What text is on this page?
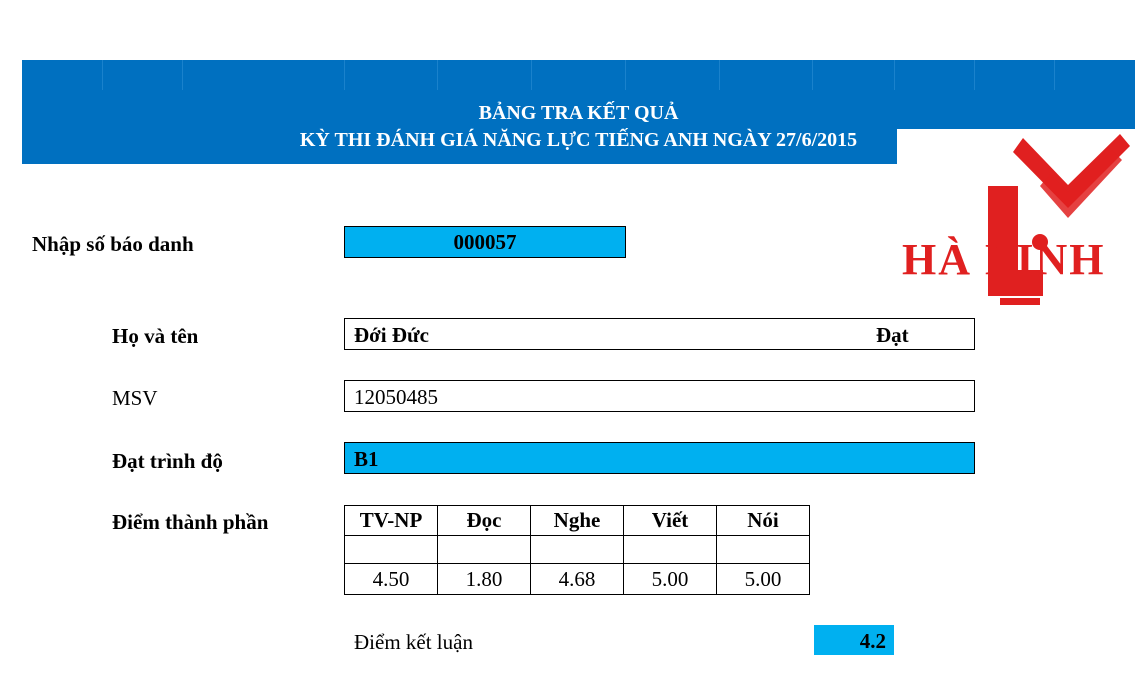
BẢNG TRA KẾT QUẢ
KỲ THI ĐÁNH GIÁ NĂNG LỰC TIẾNG ANH NGÀY 27/6/2015
HÀ LINH
Nhập số báo danh	000057
Họ và tên	Đới Đức	Đạt
MSV	12050485
Đạt trình độ	B1
Điểm thành phần	TV-NP	Đọc	Nghe	Viết	Nói

4.50	1.80	4.68	5.00	5.00
Điểm kết luận	4.2
